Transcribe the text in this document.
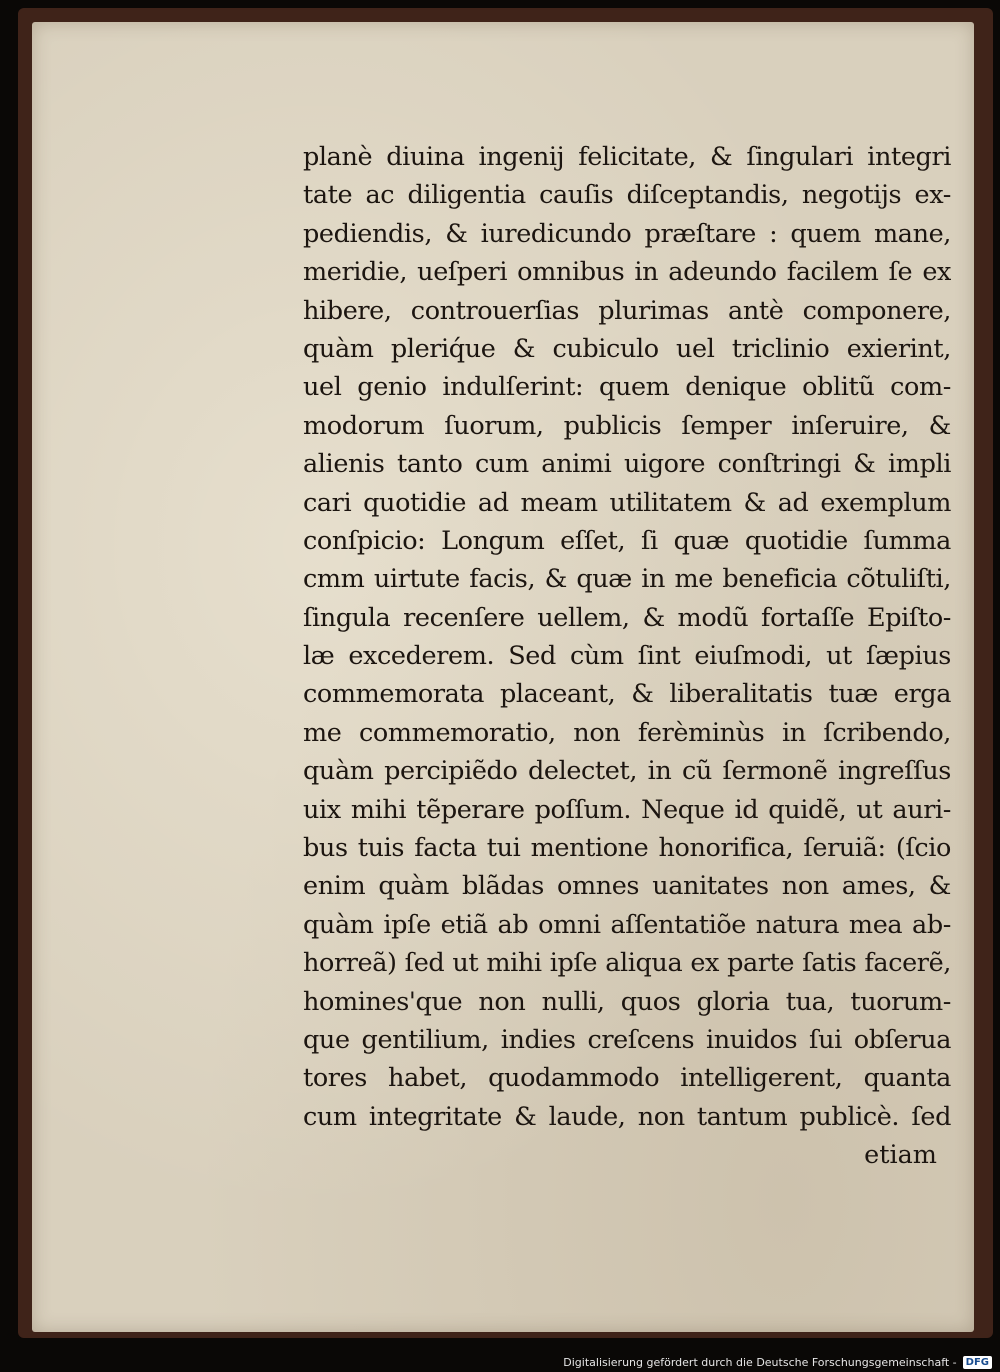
planè diuina ingenij felicitate, & ſingulari integri
tate ac diligentia cauſis diſceptandis, negotijs ex-
pediendis, & iuredicundo præſtare : quem mane,
meridie, ueſperi omnibus in adeundo facilem ſe ex
hibere, controuerſias plurimas antè componere,
quàm pleriq́ue & cubiculo uel triclinio exierint,
uel genio indulſerint: quem denique oblitũ com-
modorum ſuorum, publicis ſemper inſeruire, &
alienis tanto cum animi uigore conſtringi & impli
cari quotidie ad meam utilitatem & ad exemplum
conſpicio: Longum eſſet, ſi quæ quotidie ſumma
cmm uirtute facis, & quæ in me beneficia cõtuliſti,
ſingula recenſere uellem, & modũ fortaſſe Epiſto-
læ excederem. Sed cùm ſint eiuſmodi, ut ſæpius
commemorata placeant, & liberalitatis tuæ erga
me commemoratio, non ferèminùs in ſcribendo,
quàm percipiẽdo delectet, in cũ ſermonẽ ingreſſus
uix mihi tẽperare poſſum. Neque id quidẽ, ut auri-
bus tuis facta tui mentione honorifica, ſeruiã: (ſcio
enim quàm blãdas omnes uanitates non ames, &
quàm ipſe etiã ab omni aſſentatiõe natura mea ab-
horreã) ſed ut mihi ipſe aliqua ex parte ſatis facerẽ,
homines'que non nulli, quos gloria tua, tuorum-
que gentilium, indies creſcens inuidos ſui obſerua
tores habet, quodammodo intelligerent, quanta
cum integritate & laude, non tantum publicè. ſed
etiam
Digitalisierung gefördert durch die Deutsche Forschungsgemeinschaft - DFG
